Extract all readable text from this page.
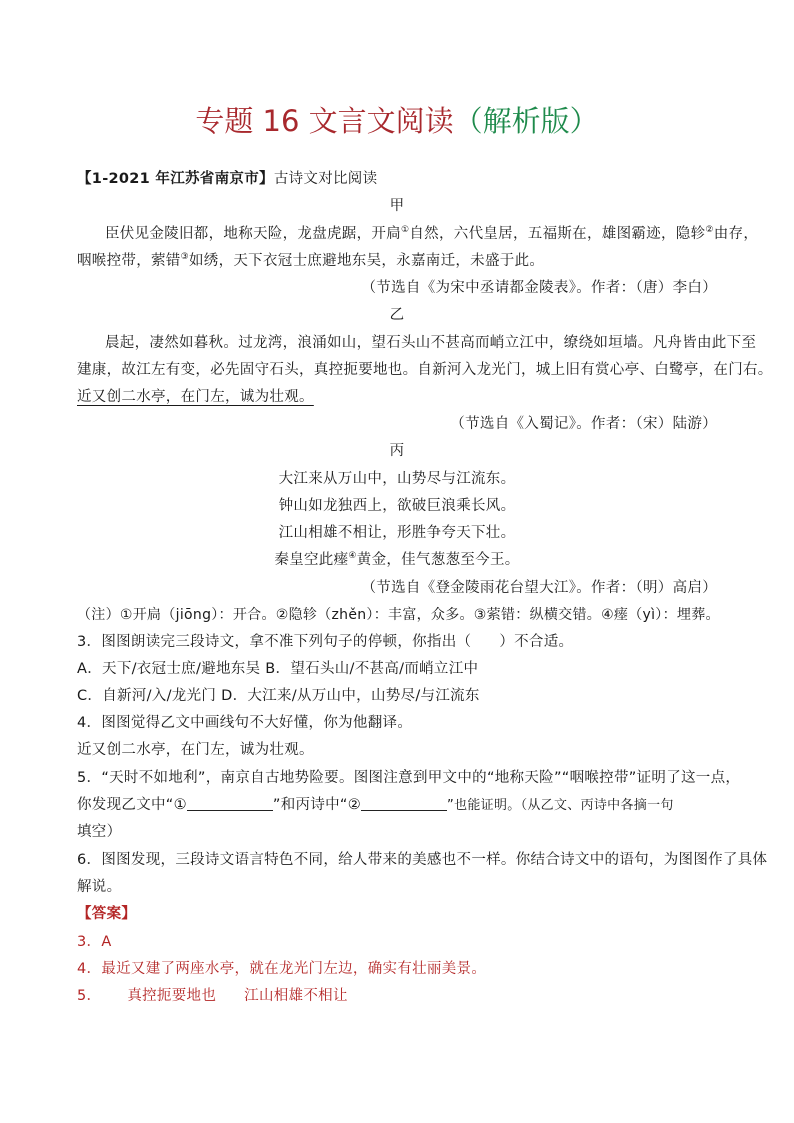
专题 16 文言文阅读（解析版）
【1-2021 年江苏省南京市】古诗文对比阅读
甲
臣伏见金陵旧都，地称天险，龙盘虎踞，开扃①自然，六代皇居，五福斯在，雄图霸迹，隐轸②由存，
咽喉控带，萦错③如绣，天下衣冠士庶避地东吴，永嘉南迁，未盛于此。
（节选自《为宋中丞请都金陵表》。作者：（唐）李白）
乙
晨起，凄然如暮秋。过龙湾，浪涌如山，望石头山不甚高而峭立江中，缭绕如垣墙。凡舟皆由此下至
建康，故江左有变，必先固守石头，真控扼要地也。自新河入龙光门，城上旧有赏心亭、白鹭亭，在门右。
近又创二水亭，在门左，诚为壮观。
（节选自《入蜀记》。作者：（宋）陆游）
丙
大江来从万山中，山势尽与江流东。
钟山如龙独西上，欲破巨浪乘长风。
江山相雄不相让，形胜争夸天下壮。
秦皇空此瘗④黄金，佳气葱葱至今王。
（节选自《登金陵雨花台望大江》。作者：（明）高启）
（注）①开扃（jiōng）：开合。②隐轸（zhěn）：丰富，众多。③萦错：纵横交错。④瘗（yì）：埋葬。
3．图图朗读完三段诗文，拿不准下列句子的停顿，你指出（ ）不合适。
A．天下/衣冠士庶/避地东吴 B．望石头山/不甚高/而峭立江中
C．自新河/入/龙光门 D．大江来/从万山中，山势尽/与江流东
4．图图觉得乙文中画线句不大好懂，你为他翻译。
近又创二水亭，在门左，诚为壮观。
5．“天时不如地利”，南京自古地势险要。图图注意到甲文中的“地称天险”“咽喉控带”证明了这一点，
你发现乙文中“①	”和丙诗中“②	”也能证明。（从乙文、丙诗中各摘一句
填空）
6．图图发现，三段诗文语言特色不同，给人带来的美感也不一样。你结合诗文中的语句，为图图作了具体
解说。
【答案】
3．A
4．最近又建了两座水亭，就在龙光门左边，确实有壮丽美景。
5． 真控扼要地也 江山相雄不相让
